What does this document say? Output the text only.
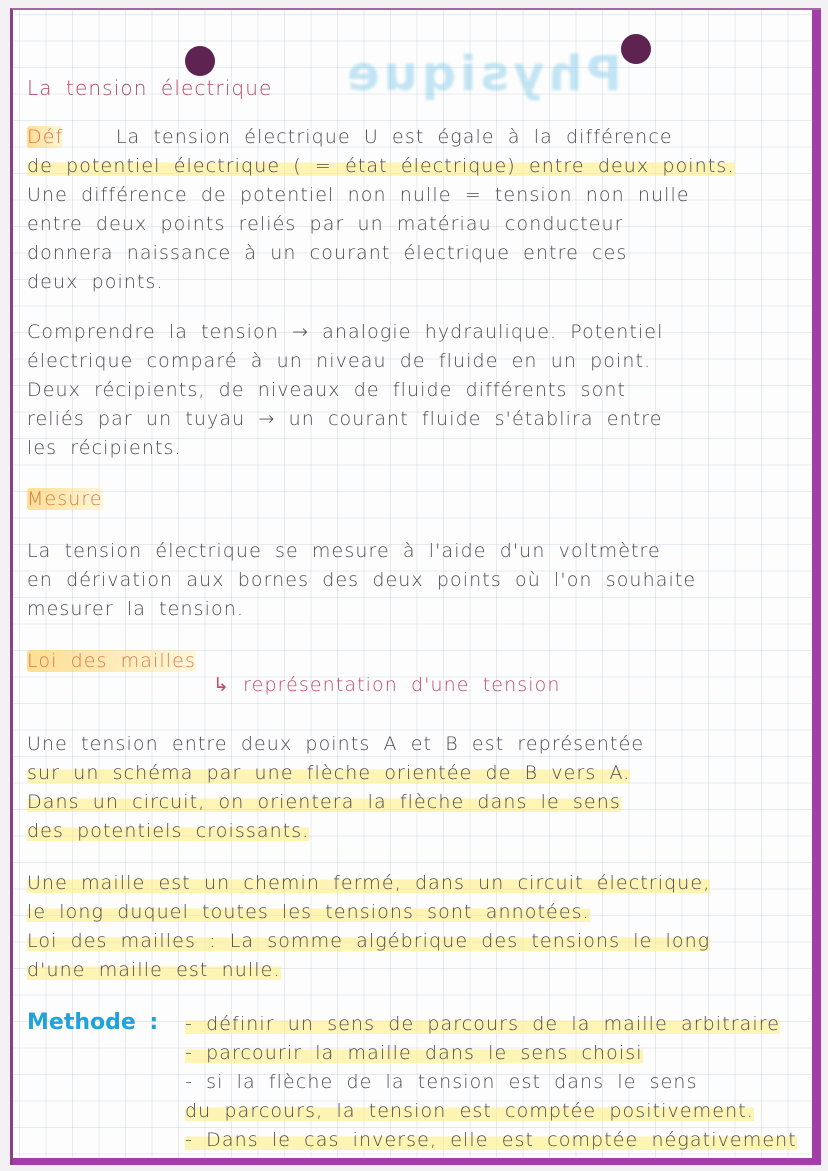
Physique
La tension électrique
Déf	La tension électrique U est égale à la différence
de potentiel électrique ( = état électrique) entre deux points.
Une différence de potentiel non nulle = tension non nulle
entre deux points reliés par un matériau conducteur
donnera naissance à un courant électrique entre ces
deux points.
Comprendre la tension → analogie hydraulique. Potentiel
électrique comparé à un niveau de fluide en un point.
Deux récipients, de niveaux de fluide différents sont
reliés par un tuyau → un courant fluide s'établira entre
les récipients.
Mesure
La tension électrique se mesure à l'aide d'un voltmètre
en dérivation aux bornes des deux points où l'on souhaite
mesurer la tension.
Loi des mailles
↳ représentation d'une tension
Une tension entre deux points A et B est représentée
sur un schéma par une flèche orientée de B vers A.
Dans un circuit, on orientera la flèche dans le sens
des potentiels croissants.
Une maille est un chemin fermé, dans un circuit électrique,
le long duquel toutes les tensions sont annotées.
Loi des mailles : La somme algébrique des tensions le long
d'une maille est nulle.
Methode : - définir un sens de parcours de la maille arbitraire
- parcourir la maille dans le sens choisi
- si la flèche de la tension est dans le sens
du parcours, la tension est comptée positivement.
- Dans le cas inverse, elle est comptée négativement
